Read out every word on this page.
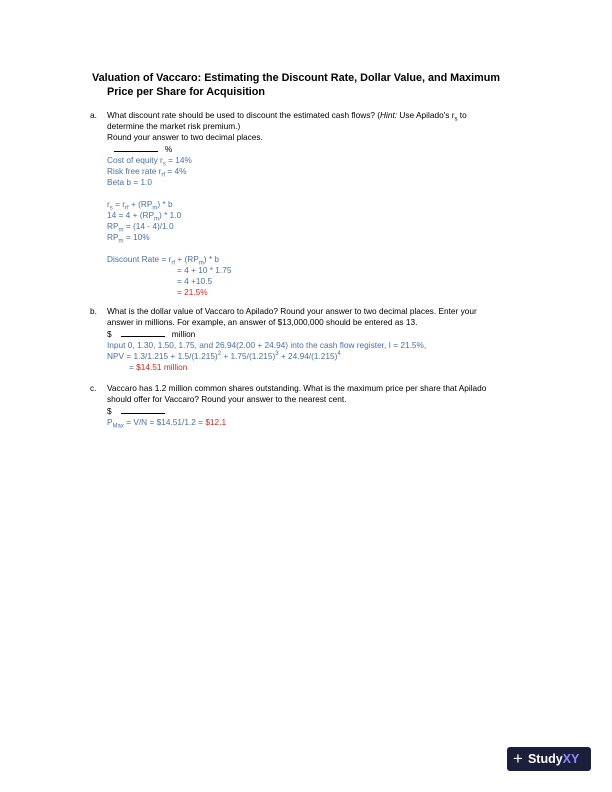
Valuation of Vaccaro: Estimating the Discount Rate, Dollar Value, and Maximum
Price per Share for Acquisition
a. What discount rate should be used to discount the estimated cash flows? (Hint: Use Apilado's $r_s$ to
determine the market risk premium.)
Round your answer to two decimal places.
%
Cost of equity $r_s = 14\%$
Risk free rate $r_{rf} = 4\%$
Beta b = 1.0
$r_s = r_{rf} + (RP_m) * b$
$14 = 4 + (RP_m) * 1.0$
$RP_m = (14 - 4)/1.0$
$RP_m = 10\%$
Discount Rate = $r_{rf} + (RP_m) * b$
= 4 + 10 * 1.75
= 4 +10.5
= 21.5%
b. What is the dollar value of Vaccaro to Apilado? Round your answer to two decimal places. Enter your
answer in millions. For example, an answer of $13,000,000 should be entered as 13.
$	million
Input 0, 1.30, 1.50, 1.75, and 26.94(2.00 + 24.94) into the cash flow register, I = 21.5%,
NPV = $1.3/1.215 + 1.5/(1.215)^2 + 1.75/(1.215)^3 + 24.94/(1.215)^4$
= $14.51 million
c. Vaccaro has 1.2 million common shares outstanding. What is the maximum price per share that Apilado
should offer for Vaccaro? Round your answer to the nearest cent.
$
$P_{Max} = V/N$ = $14.51/1.2 = $12.1
+ StudyXY
